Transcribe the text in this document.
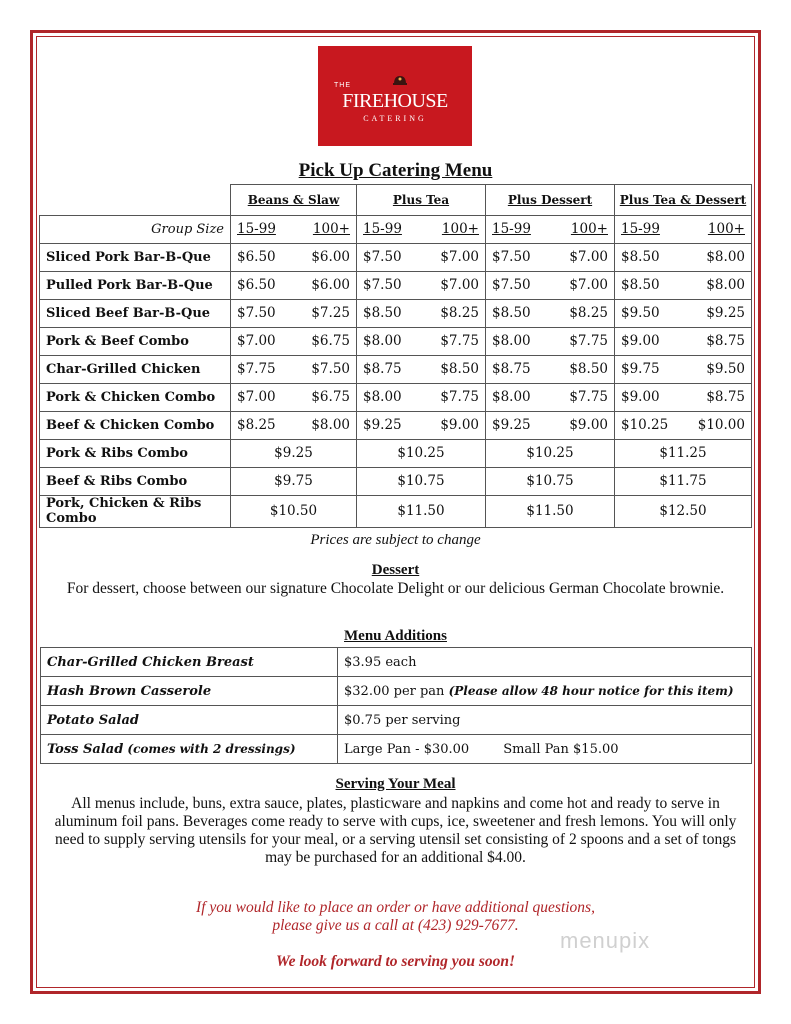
THE
FIREHOUSE
CATERING
Pick Up Catering Menu
	Beans & Slaw	Plus Tea	Plus Dessert	Plus Tea & Dessert
Group Size	15-99 100+	15-99 100+	15-99 100+	15-99 100+

Sliced Pork Bar-B-Que	$6.50 $6.00	$7.50 $7.00	$7.50 $7.00	$8.50 $8.00

Pulled Pork Bar-B-Que	$6.50 $6.00	$7.50 $7.00	$7.50 $7.00	$8.50 $8.00

Sliced Beef Bar-B-Que	$7.50 $7.25	$8.50 $8.25	$8.50 $8.25	$9.50 $9.25

Pork & Beef Combo	$7.00 $6.75	$8.00 $7.75	$8.00 $7.75	$9.00 $8.75

Char-Grilled Chicken	$7.75 $7.50	$8.75 $8.50	$8.75 $8.50	$9.75 $9.50

Pork & Chicken Combo	$7.00 $6.75	$8.00 $7.75	$8.00 $7.75	$9.00 $8.75

Beef & Chicken Combo	$8.25 $8.00	$9.25 $9.00	$9.25 $9.00	$10.25 $10.00

Pork & Ribs Combo	$9.25	$10.25	$10.25	$11.25
Beef & Ribs Combo	$9.75	$10.75	$10.75	$11.75
Pork, Chicken & Ribs Combo	$10.50	$11.50	$11.50	$12.50
Prices are subject to change
Dessert
For dessert, choose between our signature Chocolate Delight or our delicious German Chocolate brownie.
Menu Additions
Char-Grilled Chicken Breast	$3.95 each
Hash Brown Casserole	$32.00 per pan (Please allow 48 hour notice for this item)
Potato Salad	$0.75 per serving
Toss Salad (comes with 2 dressings)	Large Pan - $30.00 Small Pan $15.00
Serving Your Meal
All menus include, buns, extra sauce, plates, plasticware and napkins and come hot and ready to serve in aluminum foil pans. Beverages come ready to serve with cups, ice, sweetener and fresh lemons. You will only need to supply serving utensils for your meal, or a serving utensil set consisting of 2 spoons and a set of tongs may be purchased for an additional $4.00.
If you would like to place an order or have additional questions,
please give us a call at (423) 929-7677.
We look forward to serving you soon!
menupix
